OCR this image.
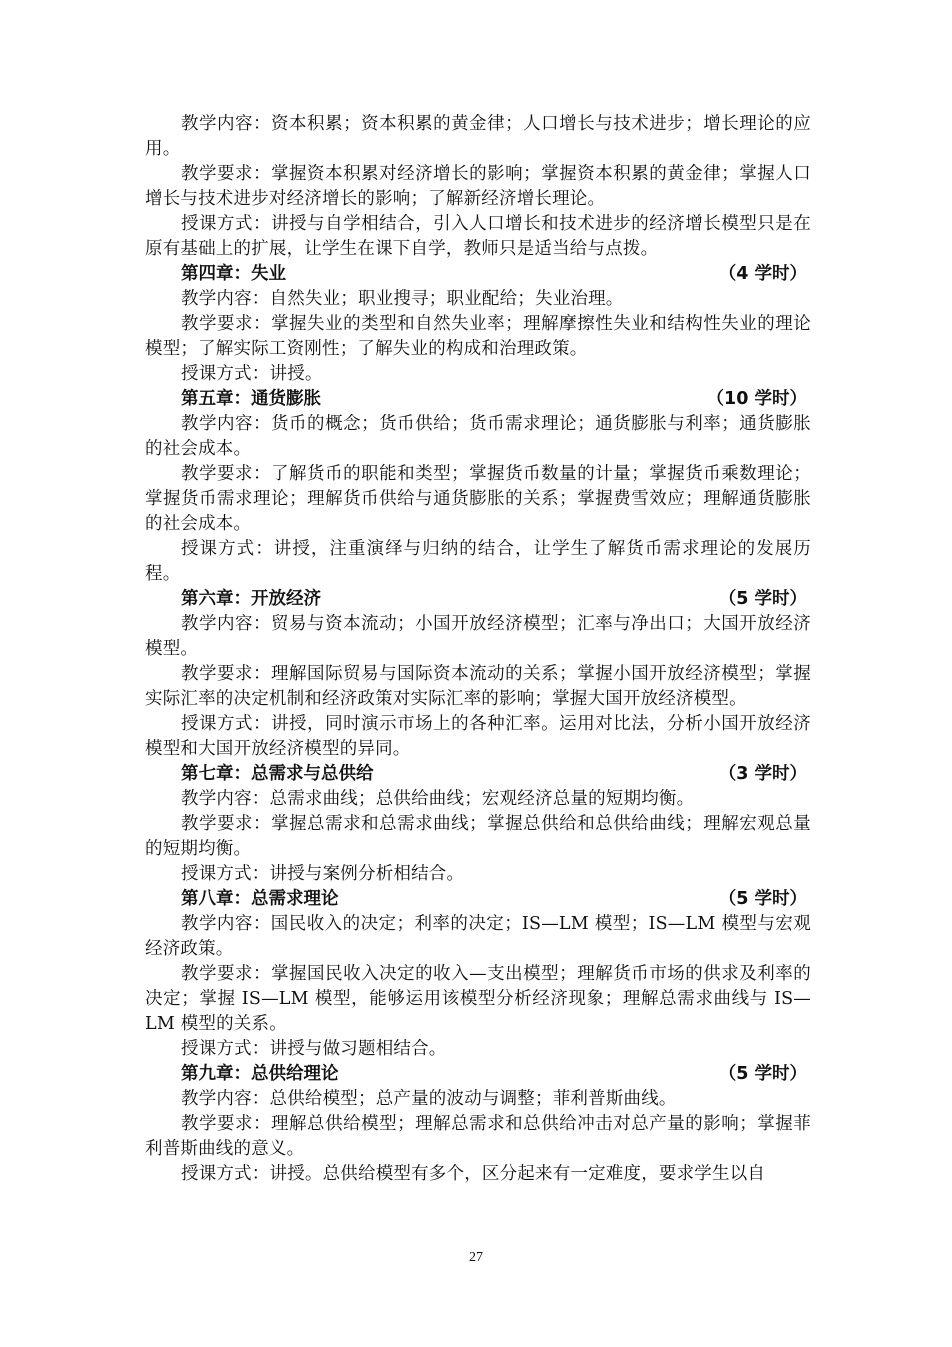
教学内容：资本积累；资本积累的黄金律；人口增长与技术进步；增长理论的应用。

教学要求：掌握资本积累对经济增长的影响；掌握资本积累的黄金律；掌握人口增长与技术进步对经济增长的影响；了解新经济增长理论。

授课方式：讲授与自学相结合，引入人口增长和技术进步的经济增长模型只是在原有基础上的扩展，让学生在课下自学，教师只是适当给与点拨。

第四章：失业	（4 学时）

教学内容：自然失业；职业搜寻；职业配给；失业治理。

教学要求：掌握失业的类型和自然失业率；理解摩擦性失业和结构性失业的理论模型；了解实际工资刚性；了解失业的构成和治理政策。

授课方式：讲授。

第五章：通货膨胀	（10 学时）

教学内容：货币的概念；货币供给；货币需求理论；通货膨胀与利率；通货膨胀的社会成本。

教学要求：了解货币的职能和类型；掌握货币数量的计量；掌握货币乘数理论；掌握货币需求理论；理解货币供给与通货膨胀的关系；掌握费雪效应；理解通货膨胀的社会成本。

授课方式：讲授，注重演绎与归纳的结合，让学生了解货币需求理论的发展历程。

第六章：开放经济	（5 学时）

教学内容：贸易与资本流动；小国开放经济模型；汇率与净出口；大国开放经济模型。

教学要求：理解国际贸易与国际资本流动的关系；掌握小国开放经济模型；掌握实际汇率的决定机制和经济政策对实际汇率的影响；掌握大国开放经济模型。

授课方式：讲授，同时演示市场上的各种汇率。运用对比法，分析小国开放经济模型和大国开放经济模型的异同。

第七章：总需求与总供给	（3 学时）

教学内容：总需求曲线；总供给曲线；宏观经济总量的短期均衡。

教学要求：掌握总需求和总需求曲线；掌握总供给和总供给曲线；理解宏观总量的短期均衡。

授课方式：讲授与案例分析相结合。

第八章：总需求理论	（5 学时）

教学内容：国民收入的决定；利率的决定；IS—LM 模型；IS—LM 模型与宏观经济政策。

教学要求：掌握国民收入决定的收入—支出模型；理解货币市场的供求及利率的决定；掌握 IS—LM 模型，能够运用该模型分析经济现象；理解总需求曲线与 IS—LM 模型的关系。

授课方式：讲授与做习题相结合。

第九章：总供给理论	（5 学时）

教学内容：总供给模型；总产量的波动与调整；菲利普斯曲线。

教学要求：理解总供给模型；理解总需求和总供给冲击对总产量的影响；掌握菲利普斯曲线的意义。

授课方式：讲授。总供给模型有多个，区分起来有一定难度，要求学生以自

27
